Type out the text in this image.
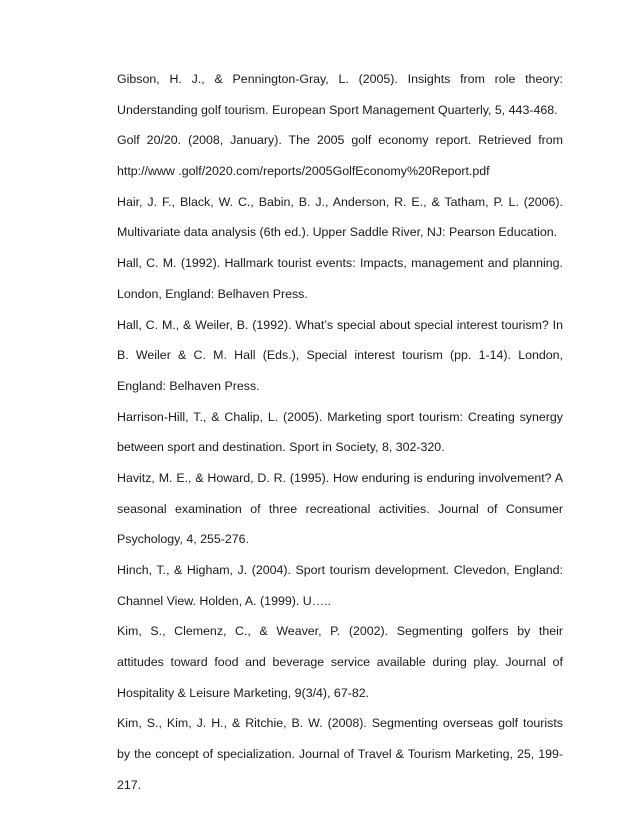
Gibson, H. J., & Pennington-Gray, L. (2005). Insights from role theory:
Understanding golf tourism. European Sport Management Quarterly, 5, 443-468.
Golf 20/20. (2008, January). The 2005 golf economy report. Retrieved from
http://www .golf/2020.com/reports/2005GolfEconomy%20Report.pdf
Hair, J. F., Black, W. C., Babin, B. J., Anderson, R. E., & Tatham, P. L. (2006).
Multivariate data analysis (6th ed.). Upper Saddle River, NJ: Pearson Education.
Hall, C. M. (1992). Hallmark tourist events: Impacts, management and planning.
London, England: Belhaven Press.
Hall, C. M., & Weiler, B. (1992). What’s special about special interest tourism? In
B. Weiler & C. M. Hall (Eds.), Special interest tourism (pp. 1-14). London,
England: Belhaven Press.
Harrison-Hill, T., & Chalip, L. (2005). Marketing sport tourism: Creating synergy
between sport and destination. Sport in Society, 8, 302-320.
Havitz, M. E., & Howard, D. R. (1995). How enduring is enduring involvement? A
seasonal examination of three recreational activities. Journal of Consumer
Psychology, 4, 255-276.
Hinch, T., & Higham, J. (2004). Sport tourism development. Clevedon, England:
Channel View. Holden, A. (1999). U…..
Kim, S., Clemenz, C., & Weaver, P. (2002). Segmenting golfers by their
attitudes toward food and beverage service available during play. Journal of
Hospitality & Leisure Marketing, 9(3/4), 67-82.
Kim, S., Kim, J. H., & Ritchie, B. W. (2008). Segmenting overseas golf tourists
by the concept of specialization. Journal of Travel & Tourism Marketing, 25, 199-
217.
